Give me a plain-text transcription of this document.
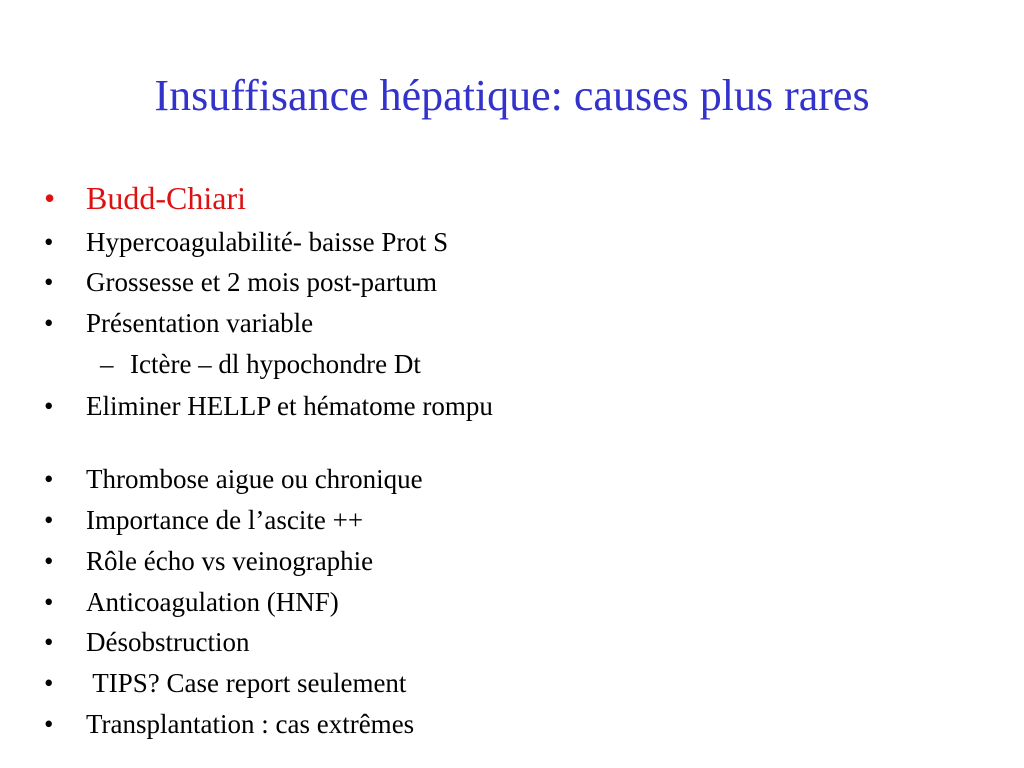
Insuffisance hépatique: causes plus rares
• Budd-Chiari
•	Hypercoagulabilité- baisse Prot S
•	Grossesse et 2 mois post-partum
•	Présentation variable
– Ictère – dl hypochondre Dt
•	Eliminer HELLP et hématome rompu
•	Thrombose aigue ou chronique
•	Importance de l’ascite ++
•	Rôle écho vs veinographie
•	Anticoagulation (HNF)
•	Désobstruction
•	TIPS? Case report seulement
•	Transplantation : cas extrêmes
